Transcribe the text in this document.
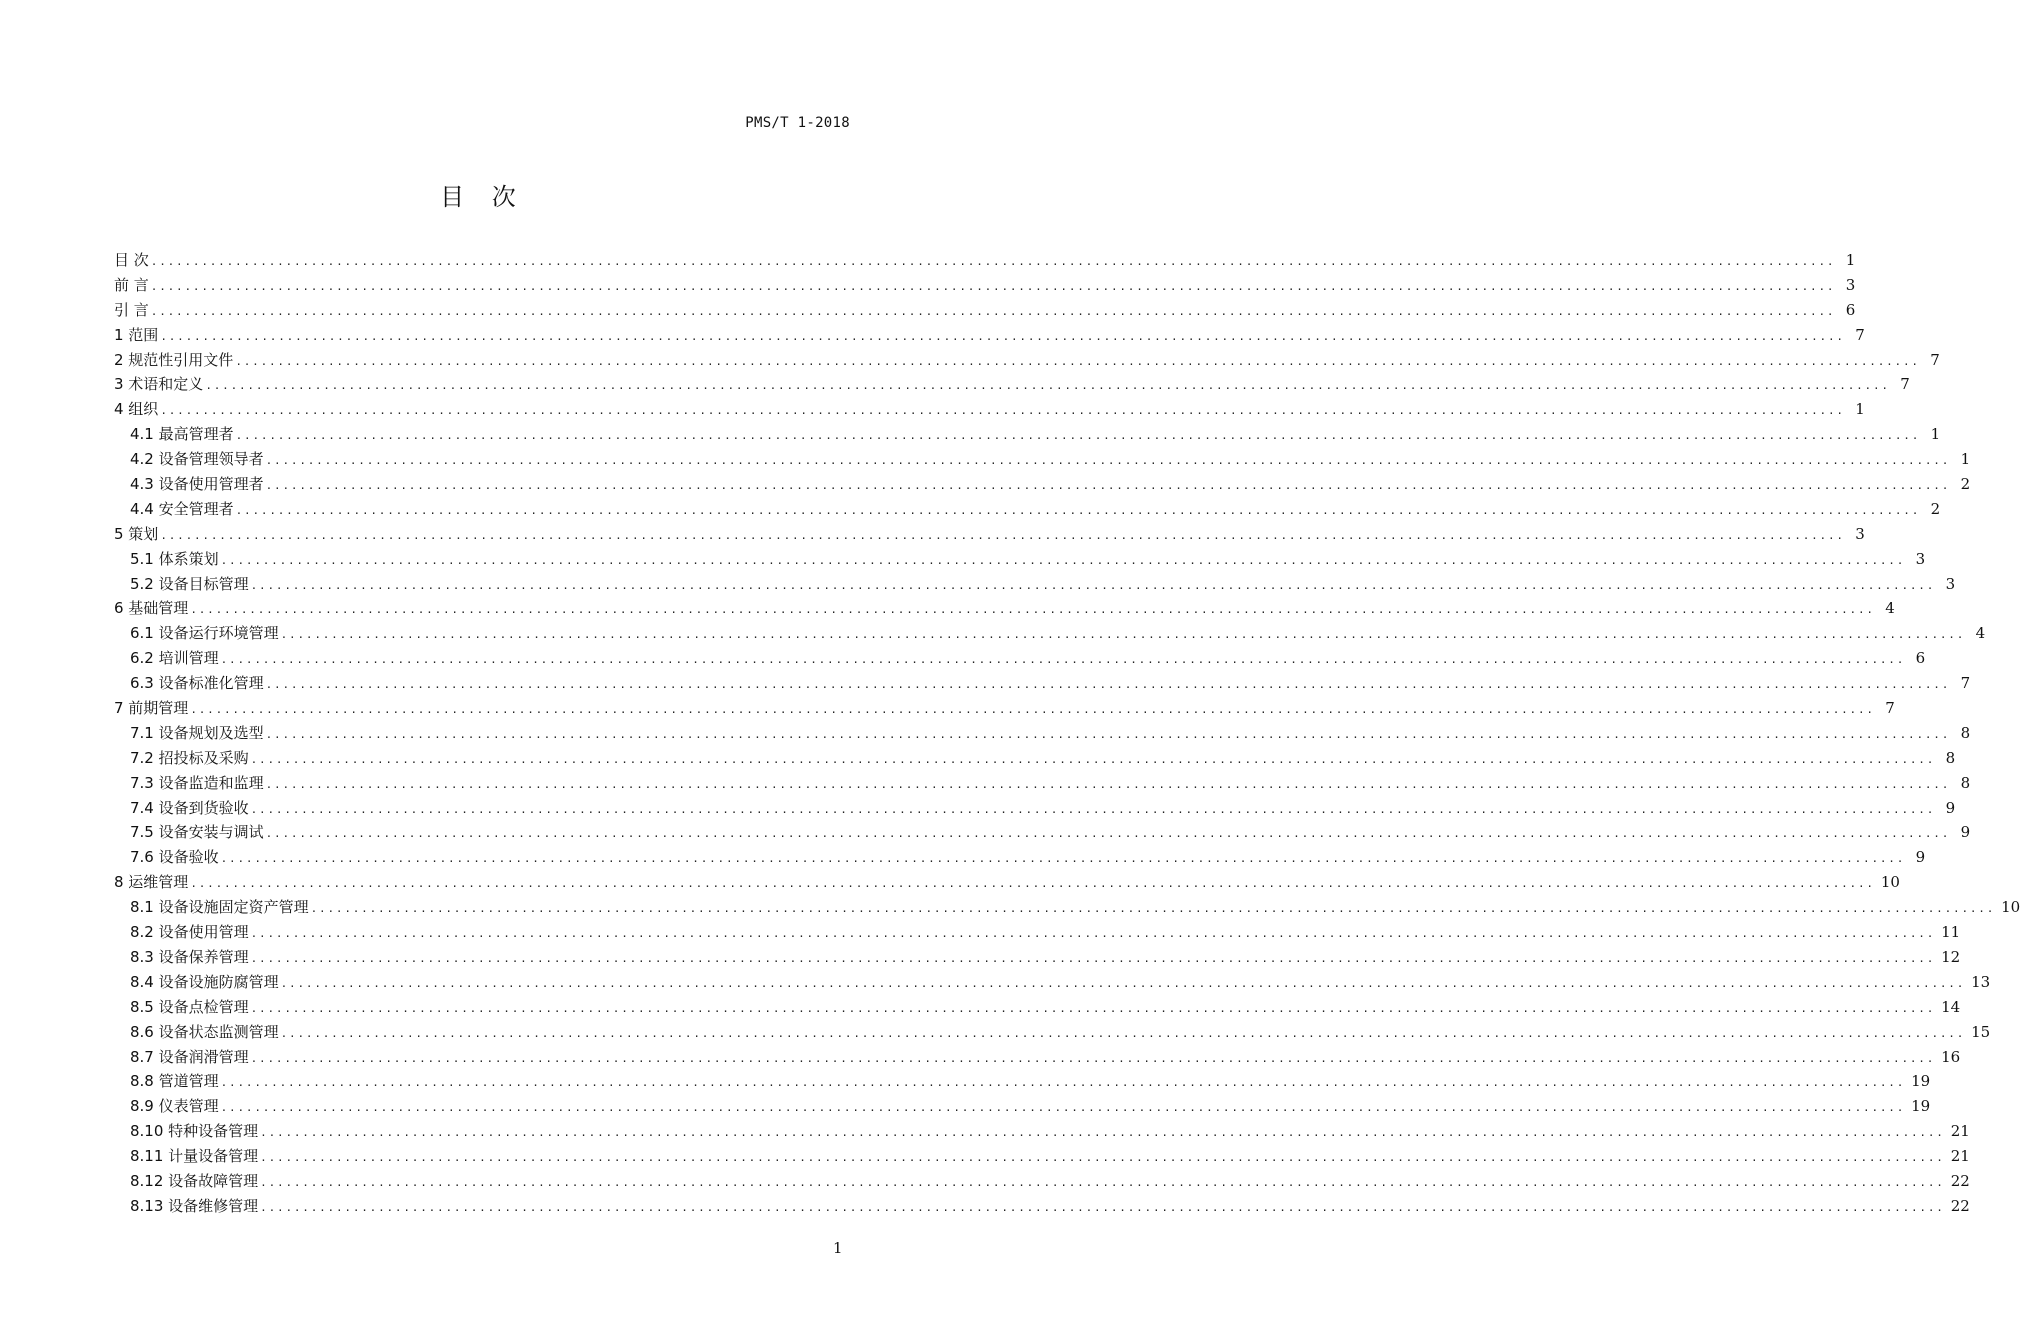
PMS/T 1-2018
目 次
目 次 ........................................................................................................................................................................................................ 1
前 言 ........................................................................................................................................................................................................ 3
引 言 ........................................................................................................................................................................................................ 6
1 范围 ........................................................................................................................................................................................................ 7
2 规范性引用文件 ........................................................................................................................................................................................................ 7
3 术语和定义 ........................................................................................................................................................................................................ 7
4 组织 ........................................................................................................................................................................................................ 1
4.1 最高管理者 ........................................................................................................................................................................................................ 1
4.2 设备管理领导者 ........................................................................................................................................................................................................ 1
4.3 设备使用管理者 ........................................................................................................................................................................................................ 2
4.4 安全管理者 ........................................................................................................................................................................................................ 2
5 策划 ........................................................................................................................................................................................................ 3
5.1 体系策划 ........................................................................................................................................................................................................ 3
5.2 设备目标管理 ........................................................................................................................................................................................................ 3
6 基础管理 ........................................................................................................................................................................................................ 4
6.1 设备运行环境管理 ........................................................................................................................................................................................................ 4
6.2 培训管理 ........................................................................................................................................................................................................ 6
6.3 设备标准化管理 ........................................................................................................................................................................................................ 7
7 前期管理 ........................................................................................................................................................................................................ 7
7.1 设备规划及选型 ........................................................................................................................................................................................................ 8
7.2 招投标及采购 ........................................................................................................................................................................................................ 8
7.3 设备监造和监理 ........................................................................................................................................................................................................ 8
7.4 设备到货验收 ........................................................................................................................................................................................................ 9
7.5 设备安装与调试 ........................................................................................................................................................................................................ 9
7.6 设备验收 ........................................................................................................................................................................................................ 9
8 运维管理 ........................................................................................................................................................................................................ 10
8.1 设备设施固定资产管理 ........................................................................................................................................................................................................ 10
8.2 设备使用管理 ........................................................................................................................................................................................................ 11
8.3 设备保养管理 ........................................................................................................................................................................................................ 12
8.4 设备设施防腐管理 ........................................................................................................................................................................................................ 13
8.5 设备点检管理 ........................................................................................................................................................................................................ 14
8.6 设备状态监测管理 ........................................................................................................................................................................................................ 15
8.7 设备润滑管理 ........................................................................................................................................................................................................ 16
8.8 管道管理 ........................................................................................................................................................................................................ 19
8.9 仪表管理 ........................................................................................................................................................................................................ 19
8.10 特种设备管理 ........................................................................................................................................................................................................ 21
8.11 计量设备管理 ........................................................................................................................................................................................................ 21
8.12 设备故障管理 ........................................................................................................................................................................................................ 22
8.13 设备维修管理 ........................................................................................................................................................................................................ 22
1
